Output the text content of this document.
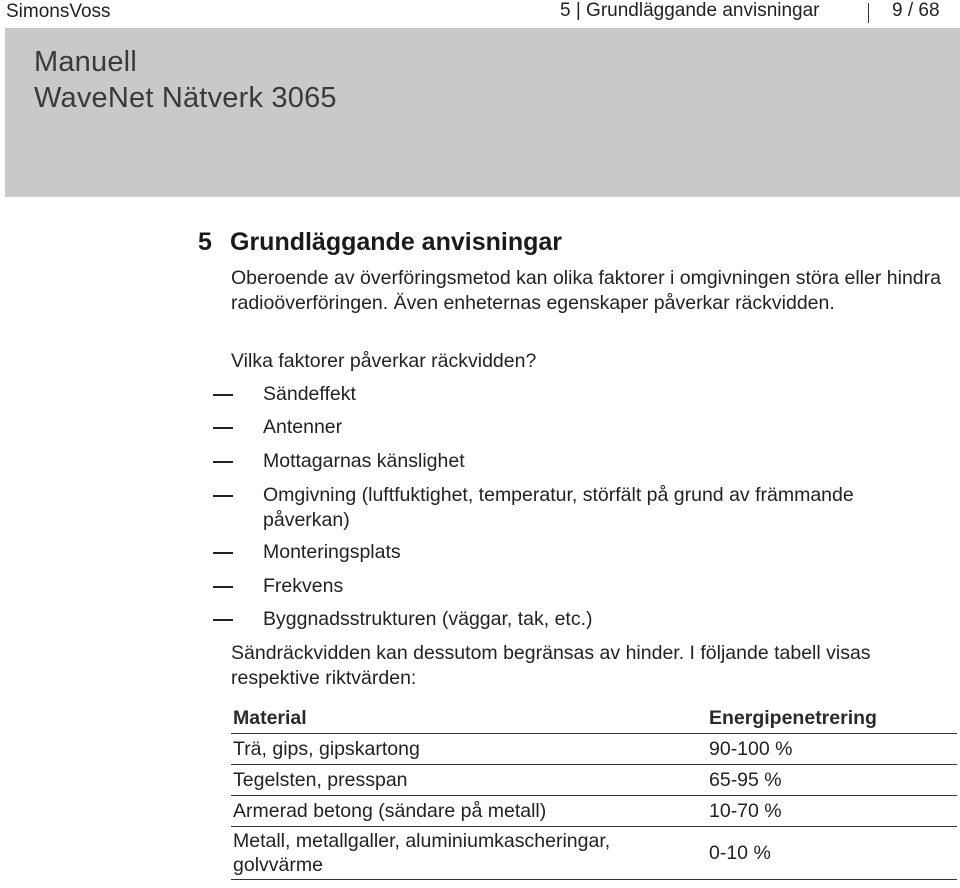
SimonsVoss	5 | Grundläggande anvisningar	9 / 68
Manuell
WaveNet Nätverk 3065
5 Grundläggande anvisningar
Oberoende av överföringsmetod kan olika faktorer i omgivningen störa eller hindra radioöverföringen. Även enheternas egenskaper påverkar räckvidden.
Vilka faktorer påverkar räckvidden?
Sändeffekt
Antenner
Mottagarnas känslighet
Omgivning (luftfuktighet, temperatur, störfält på grund av främmande påverkan)
Monteringsplats
Frekvens
Byggnadsstrukturen (väggar, tak, etc.)
Sändräckvidden kan dessutom begränsas av hinder. I följande tabell visas respektive riktvärden:
Material	Energipenetrering
Trä, gips, gipskartong	90-100 %
Tegelsten, presspan	65-95 %
Armerad betong (sändare på metall)	10-70 %
Metall, metallgaller, aluminiumkascheringar, golvvärme	0-10 %
